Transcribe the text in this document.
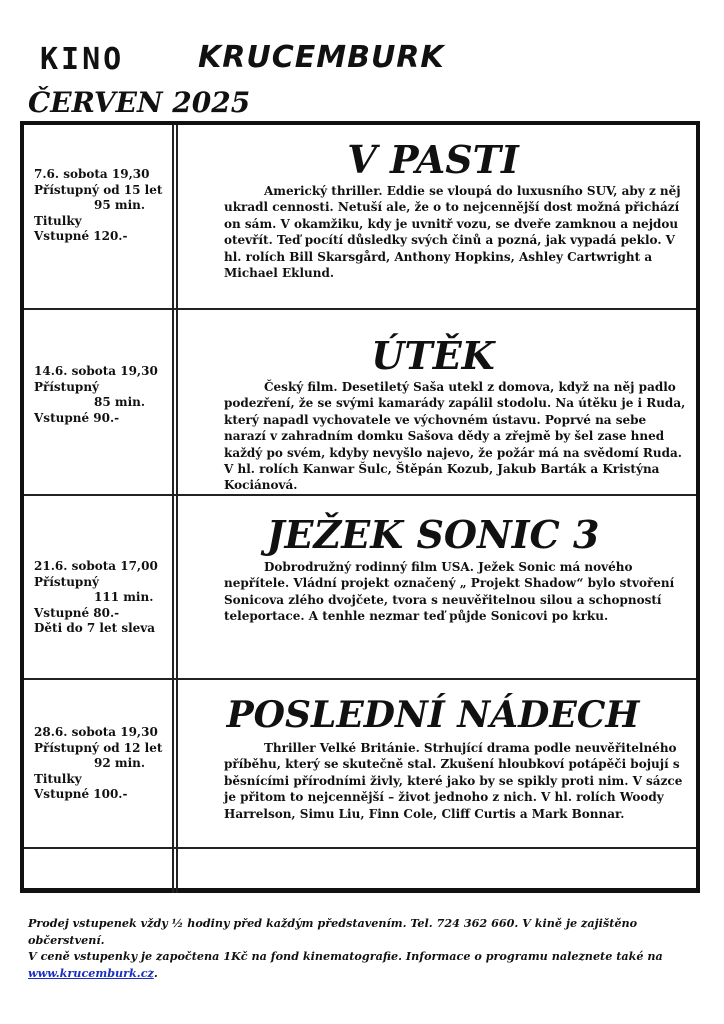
KINO KRUCEMBURK
ČERVEN 2025
7.6. sobota 19,30
Přístupný od 15 let
95 min.
Titulky
Vstupné 120.-
V PASTI
Americký thriller. Eddie se vloupá do luxusního SUV, aby z něj ukradl cennosti. Netuší ale, že o to nejcennější dost možná přichází on sám. V okamžiku, kdy je uvnitř vozu, se dveře zamknou a nejdou otevřít. Teď pocítí důsledky svých činů a pozná, jak vypadá peklo. V hl. rolích Bill Skarsgård, Anthony Hopkins, Ashley Cartwright a Michael Eklund.
14.6. sobota 19,30
Přístupný
85 min.
Vstupné 90.-
ÚTĚK
Český film. Desetiletý Saša utekl z domova, když na něj padlo podezření, že se svými kamarády zapálil stodolu. Na útěku je i Ruda, který napadl vychovatele ve výchovném ústavu. Poprvé na sebe narazí v zahradním domku Sašova dědy a zřejmě by šel zase hned každý po svém, kdyby nevyšlo najevo, že požár má na svědomí Ruda. V hl. rolích Kanwar Šulc, Štěpán Kozub, Jakub Barták a Kristýna Kociánová.
21.6. sobota 17,00
Přístupný
111 min.
Vstupné 80.-
Děti do 7 let sleva
JEŽEK SONIC 3
Dobrodružný rodinný film USA. Ježek Sonic má nového nepřítele. Vládní projekt označený „ Projekt Shadow“ bylo stvoření Sonicova zlého dvojčete, tvora s neuvěřitelnou silou a schopností teleportace. A tenhle nezmar teď půjde Sonicovi po krku.
28.6. sobota 19,30
Přístupný od 12 let
92 min.
Titulky
Vstupné 100.-
POSLEDNÍ NÁDECH
Thriller Velké Británie. Strhující drama podle neuvěřitelného příběhu, který se skutečně stal. Zkušení hloubkoví potápěči bojují s běsnícími přírodními živly, které jako by se spikly proti nim. V sázce je přitom to nejcennější – život jednoho z nich. V hl. rolích Woody Harrelson, Simu Liu, Finn Cole, Cliff Curtis a Mark Bonnar.
Prodej vstupenek vždy ½ hodiny před každým představením. Tel. 724 362 660. V kině je zajištěno občerstvení.
V ceně vstupenky je započtena 1Kč na fond kinematografie. Informace o programu naleznete také na
www.krucemburk.cz.
